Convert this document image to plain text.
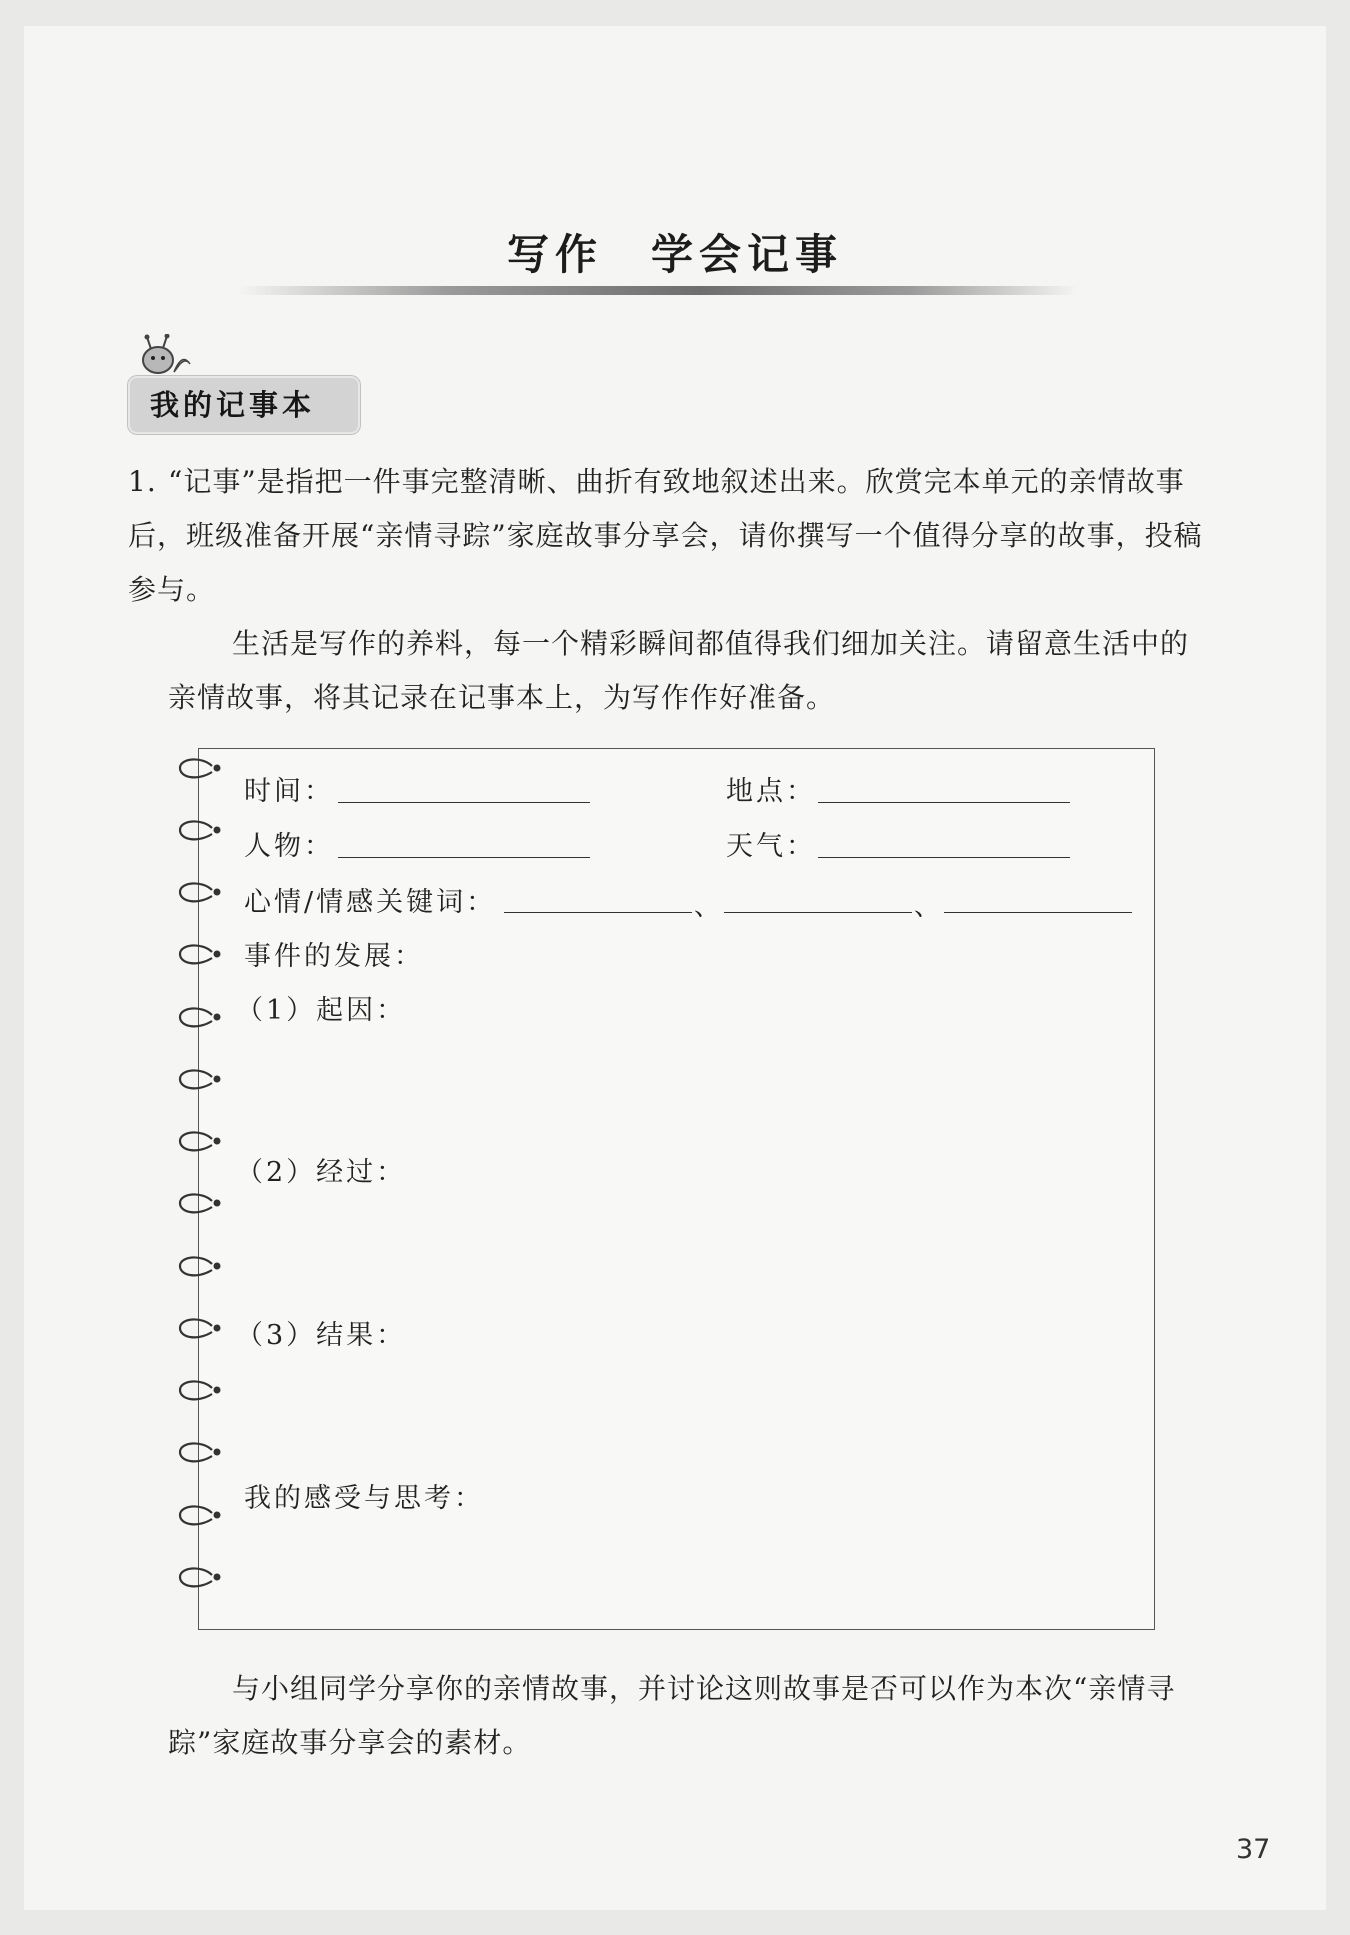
写作　学会记事
我的记事本
1. “记事”是指把一件事完整清晰、曲折有致地叙述出来。欣赏完本单元的亲情故事后，班级准备开展“亲情寻踪”家庭故事分享会，请你撰写一个值得分享的故事，投稿参与。
生活是写作的养料，每一个精彩瞬间都值得我们细加关注。请留意生活中的亲情故事，将其记录在记事本上，为写作作好准备。
时间：	地点：
人物：	天气：
心情/情感关键词：	、	、
事件的发展：
（1）起因：
（2）经过：
（3）结果：
我的感受与思考：
与小组同学分享你的亲情故事，并讨论这则故事是否可以作为本次“亲情寻踪”家庭故事分享会的素材。
37
